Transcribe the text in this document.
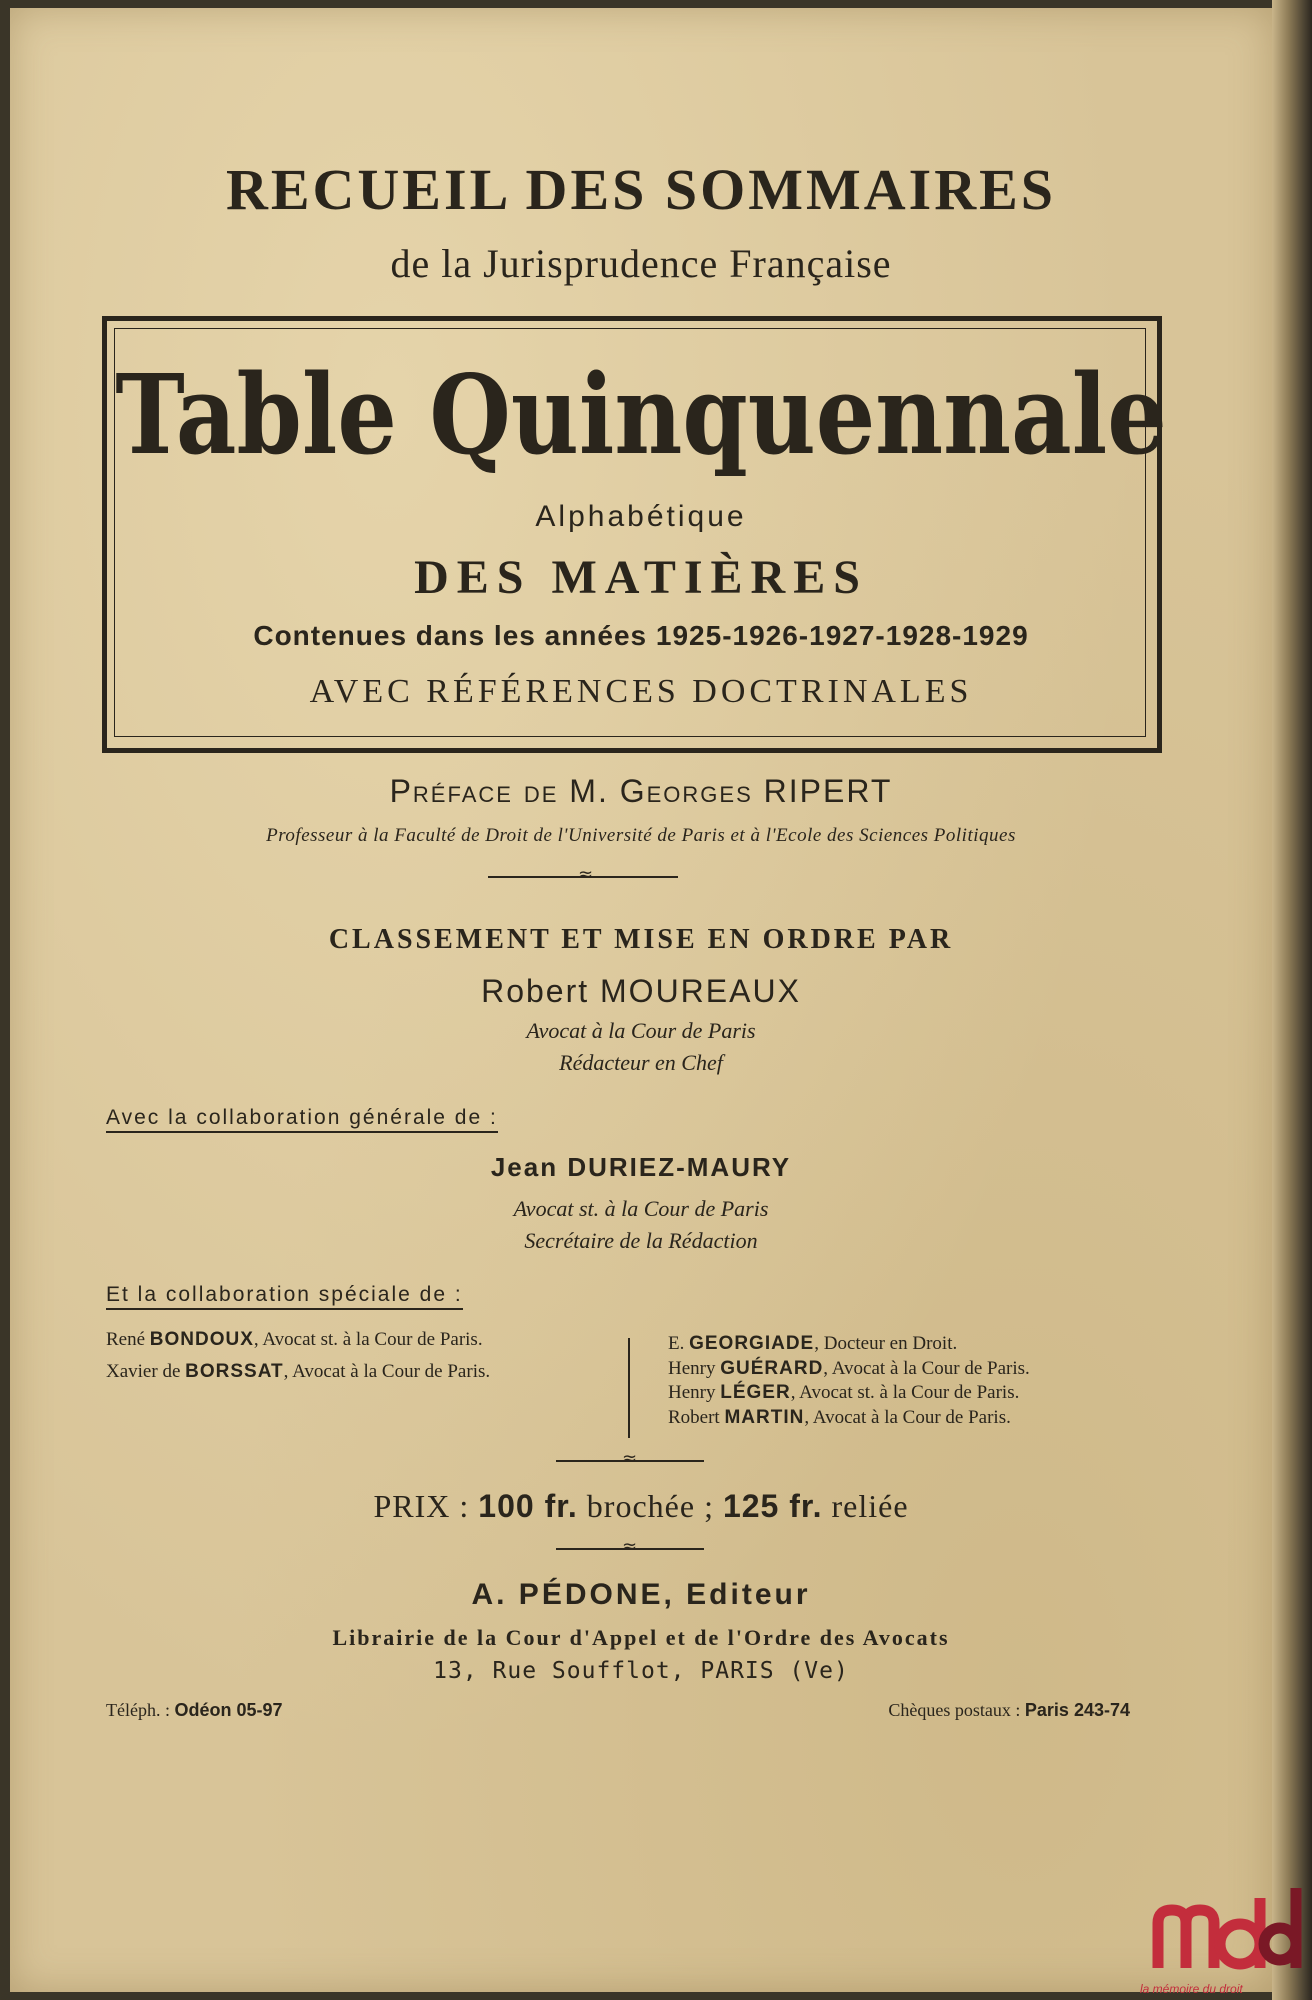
RECUEIL DES SOMMAIRES
de la Jurisprudence Française
Table Quinquennale
Alphabétique
DES MATIÈRES
Contenues dans les années 1925-1926-1927-1928-1929
AVEC RÉFÉRENCES DOCTRINALES
Préface de M. Georges RIPERT
Professeur à la Faculté de Droit de l'Université de Paris et à l'Ecole des Sciences Politiques
≈
CLASSEMENT ET MISE EN ORDRE PAR
Robert MOUREAUX
Avocat à la Cour de Paris
Rédacteur en Chef
Avec la collaboration générale de :
Jean DURIEZ-MAURY
Avocat st. à la Cour de Paris
Secrétaire de la Rédaction
Et la collaboration spéciale de :
René BONDOUX, Avocat st. à la Cour de Paris.
Xavier de BORSSAT, Avocat à la Cour de Paris.
E. GEORGIADE, Docteur en Droit.
Henry GUÉRARD, Avocat à la Cour de Paris.
Henry LÉGER, Avocat st. à la Cour de Paris.
Robert MARTIN, Avocat à la Cour de Paris.
≈
PRIX : 100 fr. brochée ; 125 fr. reliée
≈
A. PÉDONE, Editeur
Librairie de la Cour d'Appel et de l'Ordre des Avocats
13, Rue Soufflot, PARIS (Ve)
Téléph. : Odéon 05-97	Chèques postaux : Paris 243-74
la mémoire du droit
